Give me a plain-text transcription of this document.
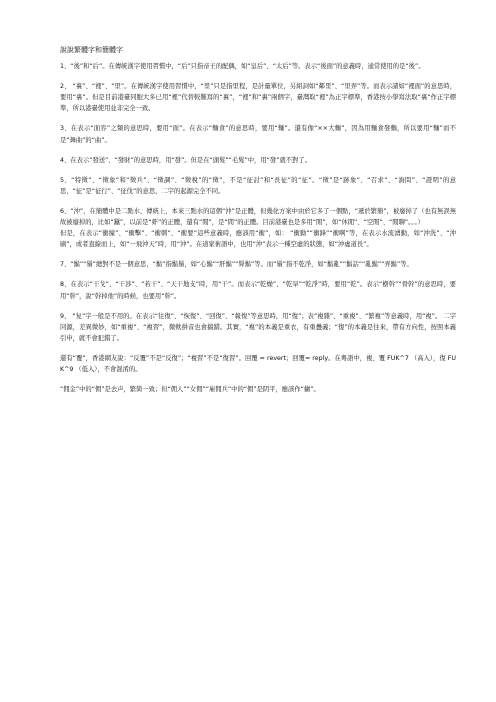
說說繁體字和簡體字

1、“後”和“后”。在傳統漢字使用習慣中，“后”只指帝王的配偶，如“皇后”、“太后”等。表示“後面”的意義時，通常使用的是“後”。

2、 “裏”、“裡”、“里”。在傳統漢字使用習慣中，“里”只是指里程，是計量單位，另組詞如“鄰里”、“里弄”等。而表示諸如“裡面”的意思時，要用“裏”。但是目前港臺同胞大多已用“裡”代替較難寫的“裏”，“裡”和“裏”兩個字，臺灣取“裡”為正字標準，香港按小學寫法取“裏”作正字標準，所以港臺使用並非完全一致。

3、在表示“面容”之類的意思時，要用“面”。在表示“麵食”的意思時，要用“麵”。還有像“××大麵”，因為用麵食發麵，所以要用“麵”而不是“舞曲”的“曲”。

4、在表示“發送”、“發財”的意思時，用“發”。但是在“頭髮”“毛髮”中，用“發”就不對了。

5、“特徵”、“徵象”和“徵兵”、“徵調”、“徵稅”的“徵”，不是“征討”和“長征”的“征”。“徵”是“跡象”、“召求”、“詢問”、“證明”的意思，“征”是“征行”、“征伐”的意思，二字的起源完全不同。

6、“沖”，在簡體中是二點水，傳統上，本來三點水的這個“沖”是正體，但幾化方案中由於它多了一個點，“遞於繁簡”，被廢掉了（也有無誤無故被廢掉的，比如“蠶”，以前是“虾”的正體，還有“閒”，是“間”的正體。目前港臺也是多用“閒”，如“休閒”、“空閒”、“閒聊”。。。）

但是，在表示“衝撞”、“衝擊”、“衝刺”、“衝要”這些意義時，應該用“衝”，如： “衝動”“衝鋒”“衝啊”等，在表示水流湧動，如“沖洗”、“沖刷”，或者直線而上，如“一飛沖天”時，用“沖”。在道家術語中，也用“沖”表示一種空虛的狀態，如“沖虛道長”。

7、“鬍”“鬚”總對不是一個意思，“鬍”指鬍鬚，如“心鬍”“肝鬍”“腎鬍”等。而“鬚”指不乾淨，如“鬍亂”“鬍話”“亂鬍”“弄鬍”等。

8、在表示“干戈”、“干涉”、“若干”、“天干地支”時，用“干”。而表示“乾燥”、“乾旱”“乾淨”時，要用“乾”。表示“樹幹”“骨幹”的意思時，要用“幹”，說“幹掉他”的時候，也要用“幹”。

9、 “复”字一般是不用的。在表示“往復”、“恢復”、“回復”、“報復”等意思時，用“復”；表“複雜”、“重複”、“繁複”等意義時，用“複”。 二字同源，差異微妙，如“重複”、“複習”，微軟拼音也會搞錯。其實，“複”的本義是重衣，有重疊義；“復”的本義是往來，帶有方向性，按照本義引申，就不會犯錯了。

還有“覆”，香港網友說：“反覆”不是“反復”；“複習”不是“復習”。回覆 = revert；回覆= reply。在粵語中，複、覆 FUK^7 （高入），復 FUK^9 （低入），不會混淆的。

“佣金”中的“佣”是去声，繁简一致；但“佣人”“女佣”“雇佣兵”中的“佣”是阴平，應該作“傭”。
